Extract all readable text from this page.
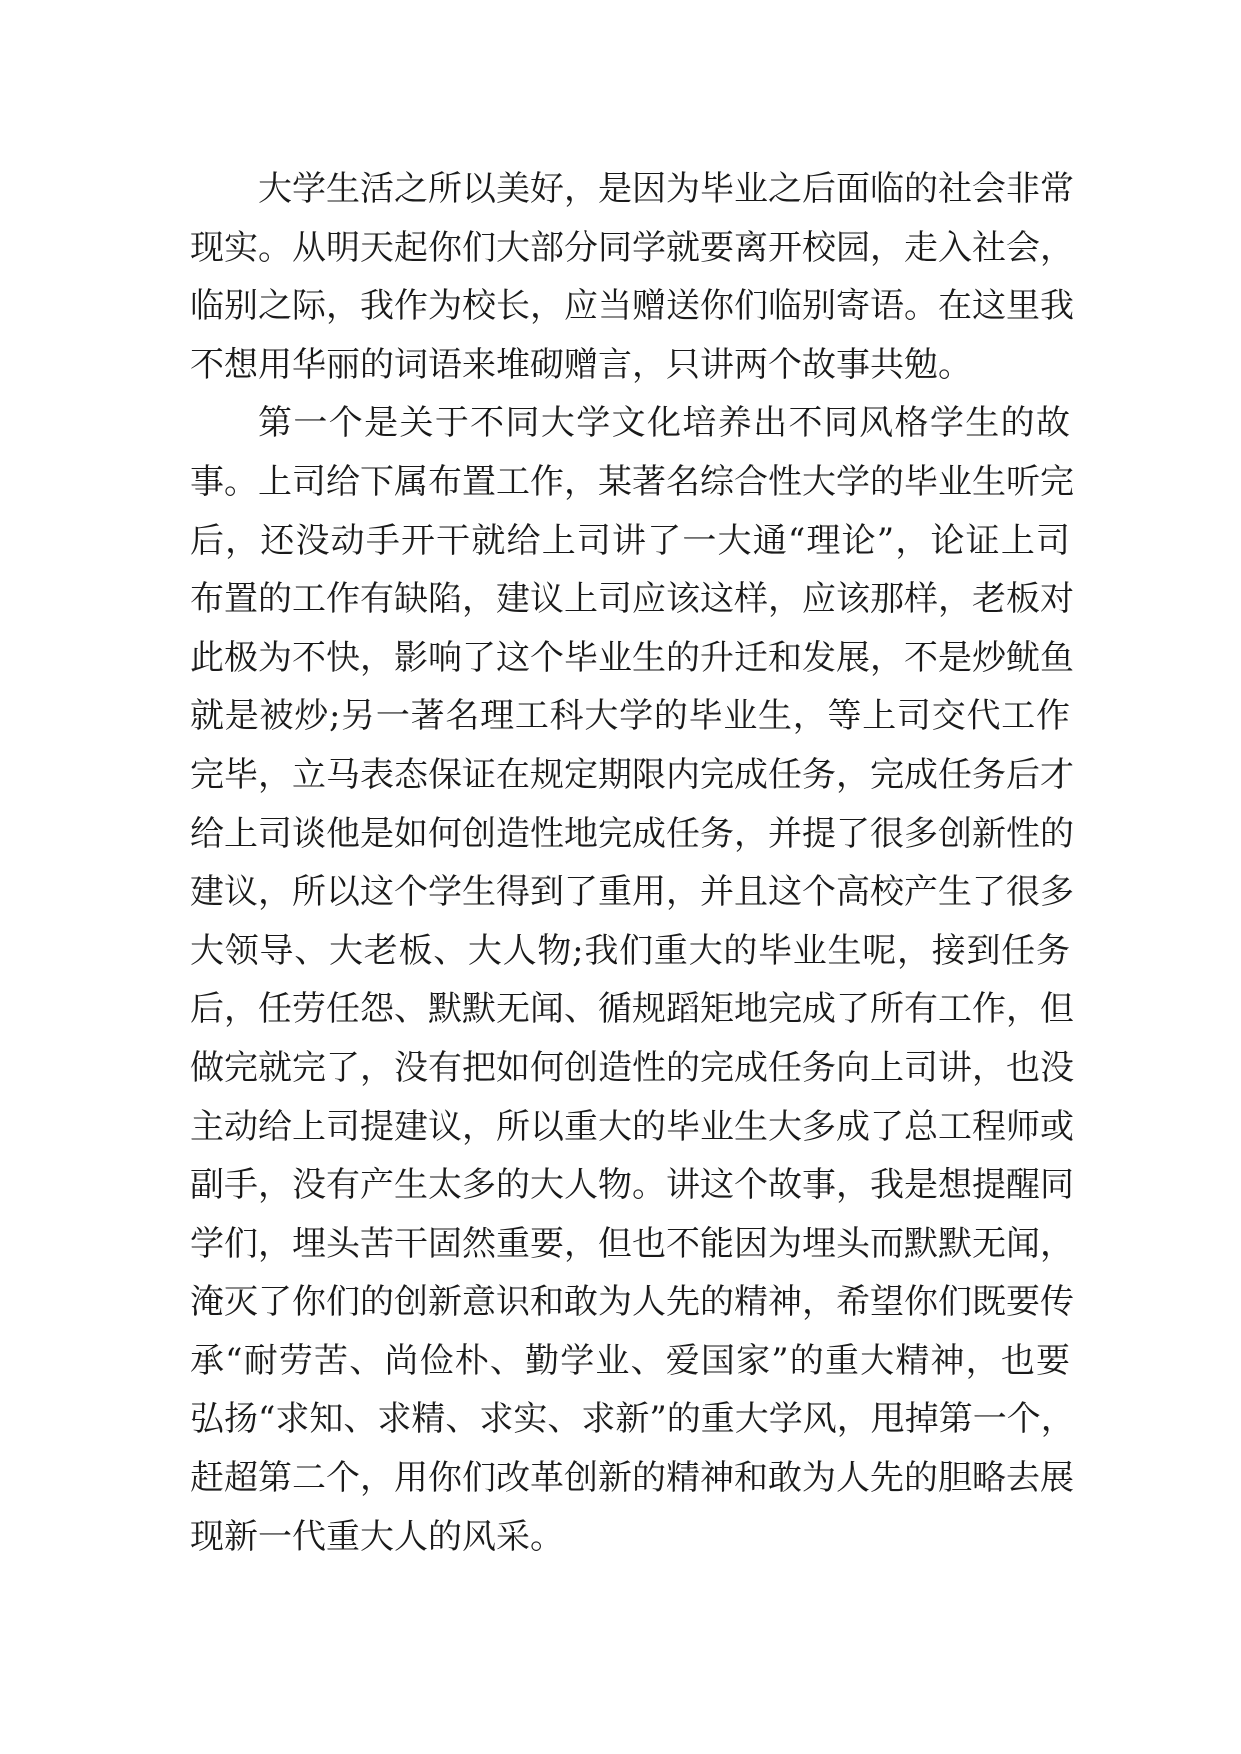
大学生活之所以美好，是因为毕业之后面临的社会非常
现实。从明天起你们大部分同学就要离开校园，走入社会，
临别之际，我作为校长，应当赠送你们临别寄语。在这里我
不想用华丽的词语来堆砌赠言，只讲两个故事共勉。
第一个是关于不同大学文化培养出不同风格学生的故
事。上司给下属布置工作，某著名综合性大学的毕业生听完
后，还没动手开干就给上司讲了一大通“理论”，论证上司
布置的工作有缺陷，建议上司应该这样，应该那样，老板对
此极为不快，影响了这个毕业生的升迁和发展，不是炒鱿鱼
就是被炒;另一著名理工科大学的毕业生，等上司交代工作
完毕，立马表态保证在规定期限内完成任务，完成任务后才
给上司谈他是如何创造性地完成任务，并提了很多创新性的
建议，所以这个学生得到了重用，并且这个高校产生了很多
大领导、大老板、大人物;我们重大的毕业生呢，接到任务
后，任劳任怨、默默无闻、循规蹈矩地完成了所有工作，但
做完就完了，没有把如何创造性的完成任务向上司讲，也没
主动给上司提建议，所以重大的毕业生大多成了总工程师或
副手，没有产生太多的大人物。讲这个故事，我是想提醒同
学们，埋头苦干固然重要，但也不能因为埋头而默默无闻，
淹灭了你们的创新意识和敢为人先的精神，希望你们既要传
承“耐劳苦、尚俭朴、勤学业、爱国家”的重大精神，也要
弘扬“求知、求精、求实、求新”的重大学风，甩掉第一个，
赶超第二个，用你们改革创新的精神和敢为人先的胆略去展
现新一代重大人的风采。
